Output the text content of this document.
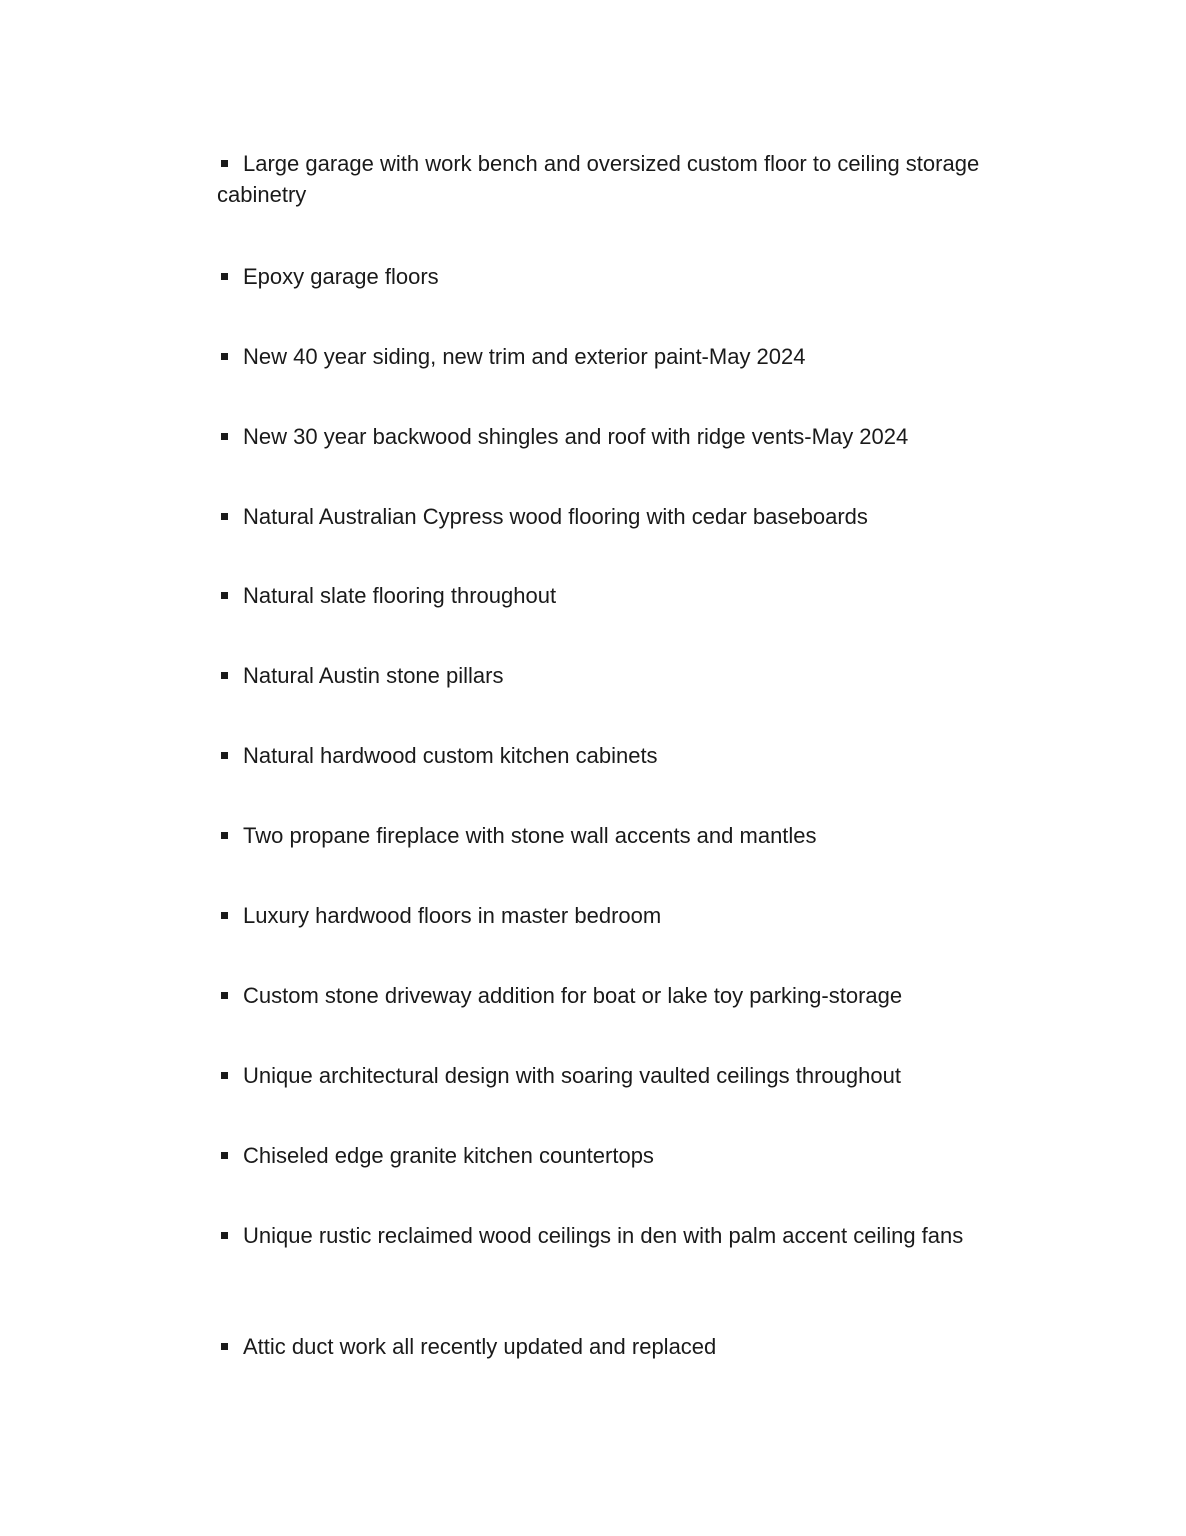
Large garage with work bench and oversized custom floor to ceiling storage cabinetry
Epoxy garage floors
New 40 year siding, new trim and exterior paint-May 2024
New 30 year backwood shingles and roof with ridge vents-May 2024
Natural Australian Cypress wood flooring with cedar baseboards
Natural slate flooring throughout
Natural Austin stone pillars
Natural hardwood custom kitchen cabinets
Two propane fireplace with stone wall accents and mantles
Luxury hardwood floors in master bedroom
Custom stone driveway addition for boat or lake toy parking-storage
Unique architectural design with soaring vaulted ceilings throughout
Chiseled edge granite kitchen countertops
Unique rustic reclaimed wood ceilings in den with palm accent ceiling fans
Attic duct work all recently updated and replaced
